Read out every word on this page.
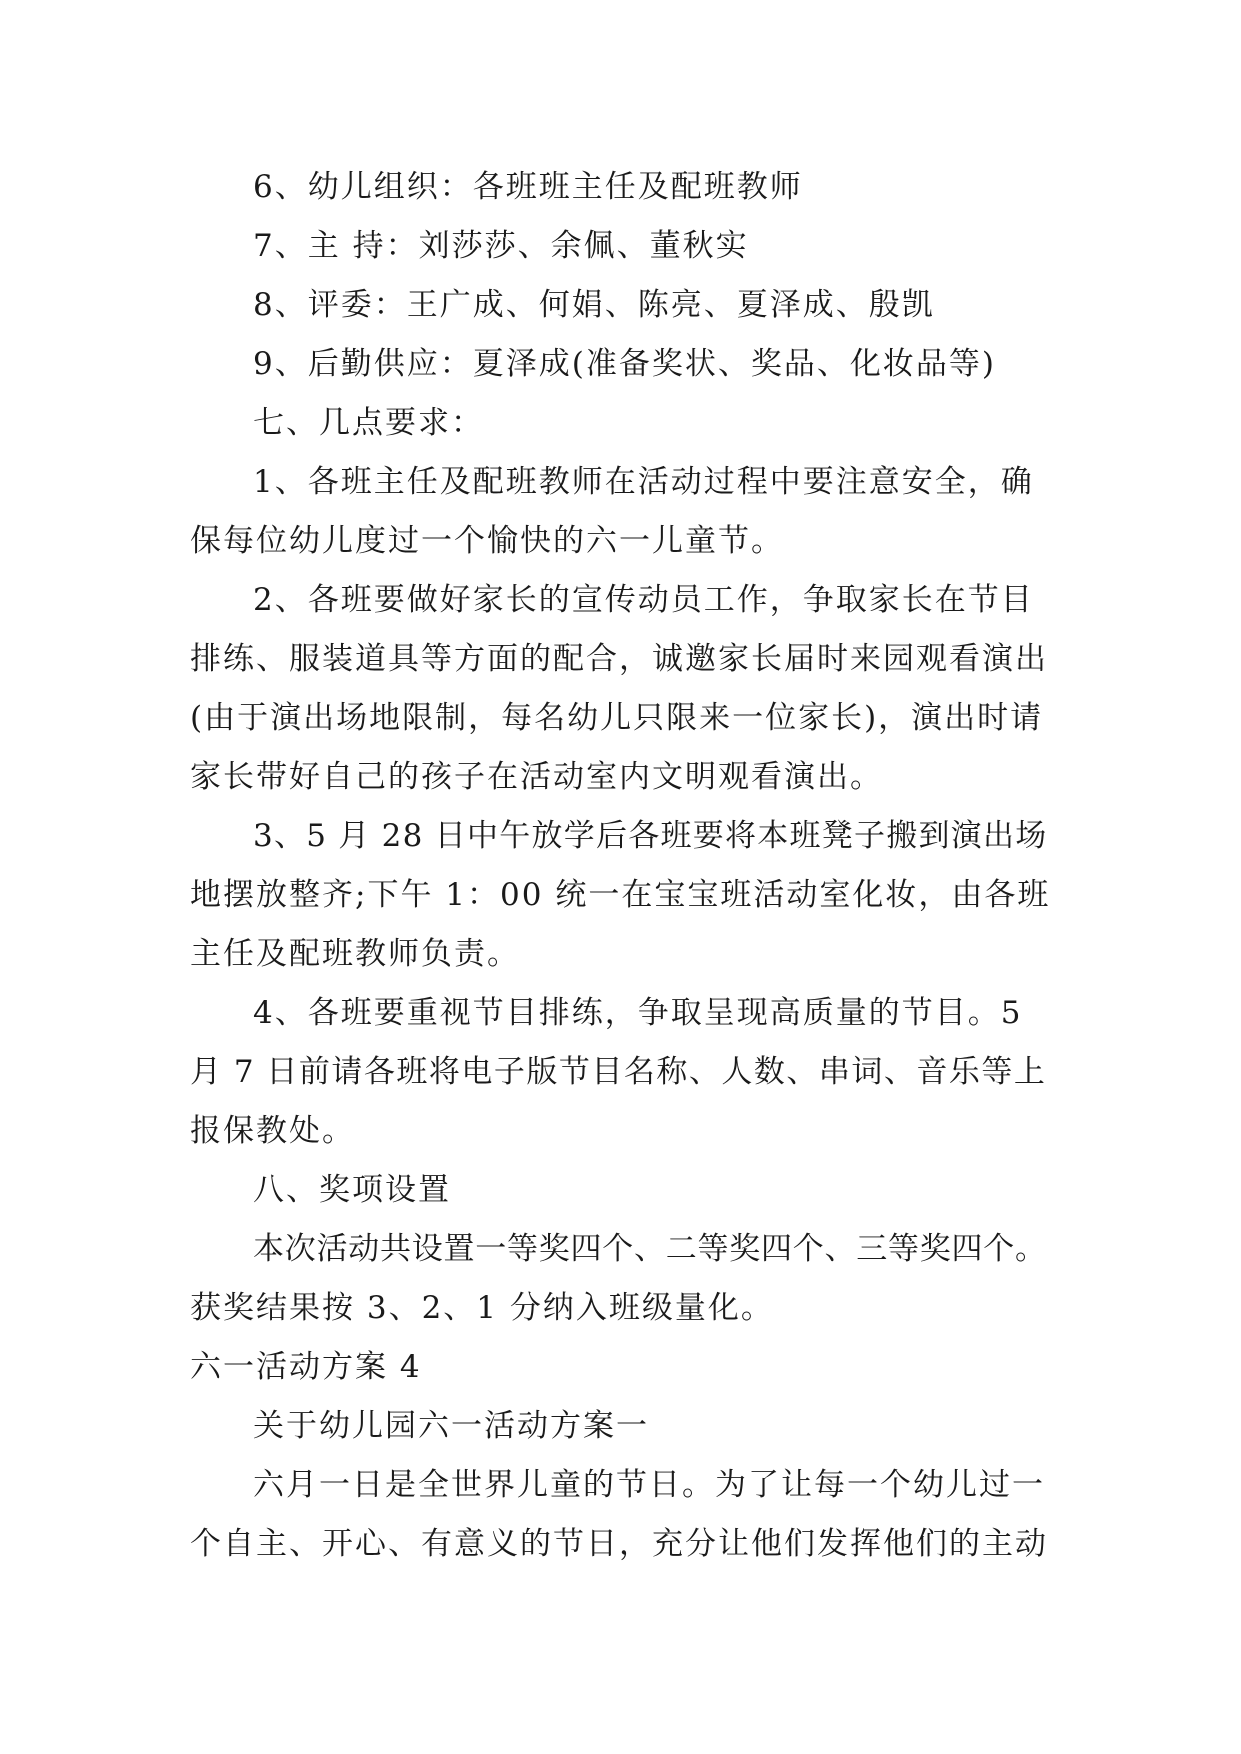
6、幼儿组织：各班班主任及配班教师
7、主 持：刘莎莎、余佩、董秋实
8、评委：王广成、何娟、陈亮、夏泽成、殷凯
9、后勤供应：夏泽成(准备奖状、奖品、化妆品等)
七、几点要求：
1、各班主任及配班教师在活动过程中要注意安全，确
保每位幼儿度过一个愉快的六一儿童节。
2、各班要做好家长的宣传动员工作，争取家长在节目
排练、服装道具等方面的配合，诚邀家长届时来园观看演出
(由于演出场地限制，每名幼儿只限来一位家长)，演出时请
家长带好自己的孩子在活动室内文明观看演出。
3、5 月 28 日中午放学后各班要将本班凳子搬到演出场
地摆放整齐;下午 1：00 统一在宝宝班活动室化妆，由各班
主任及配班教师负责。
4、各班要重视节目排练，争取呈现高质量的节目。5
月 7 日前请各班将电子版节目名称、人数、串词、音乐等上
报保教处。
八、奖项设置
本次活动共设置一等奖四个、二等奖四个、三等奖四个。
获奖结果按 3、2、1 分纳入班级量化。
六一活动方案 4
关于幼儿园六一活动方案一
六月一日是全世界儿童的节日。为了让每一个幼儿过一
个自主、开心、有意义的节日，充分让他们发挥他们的主动
